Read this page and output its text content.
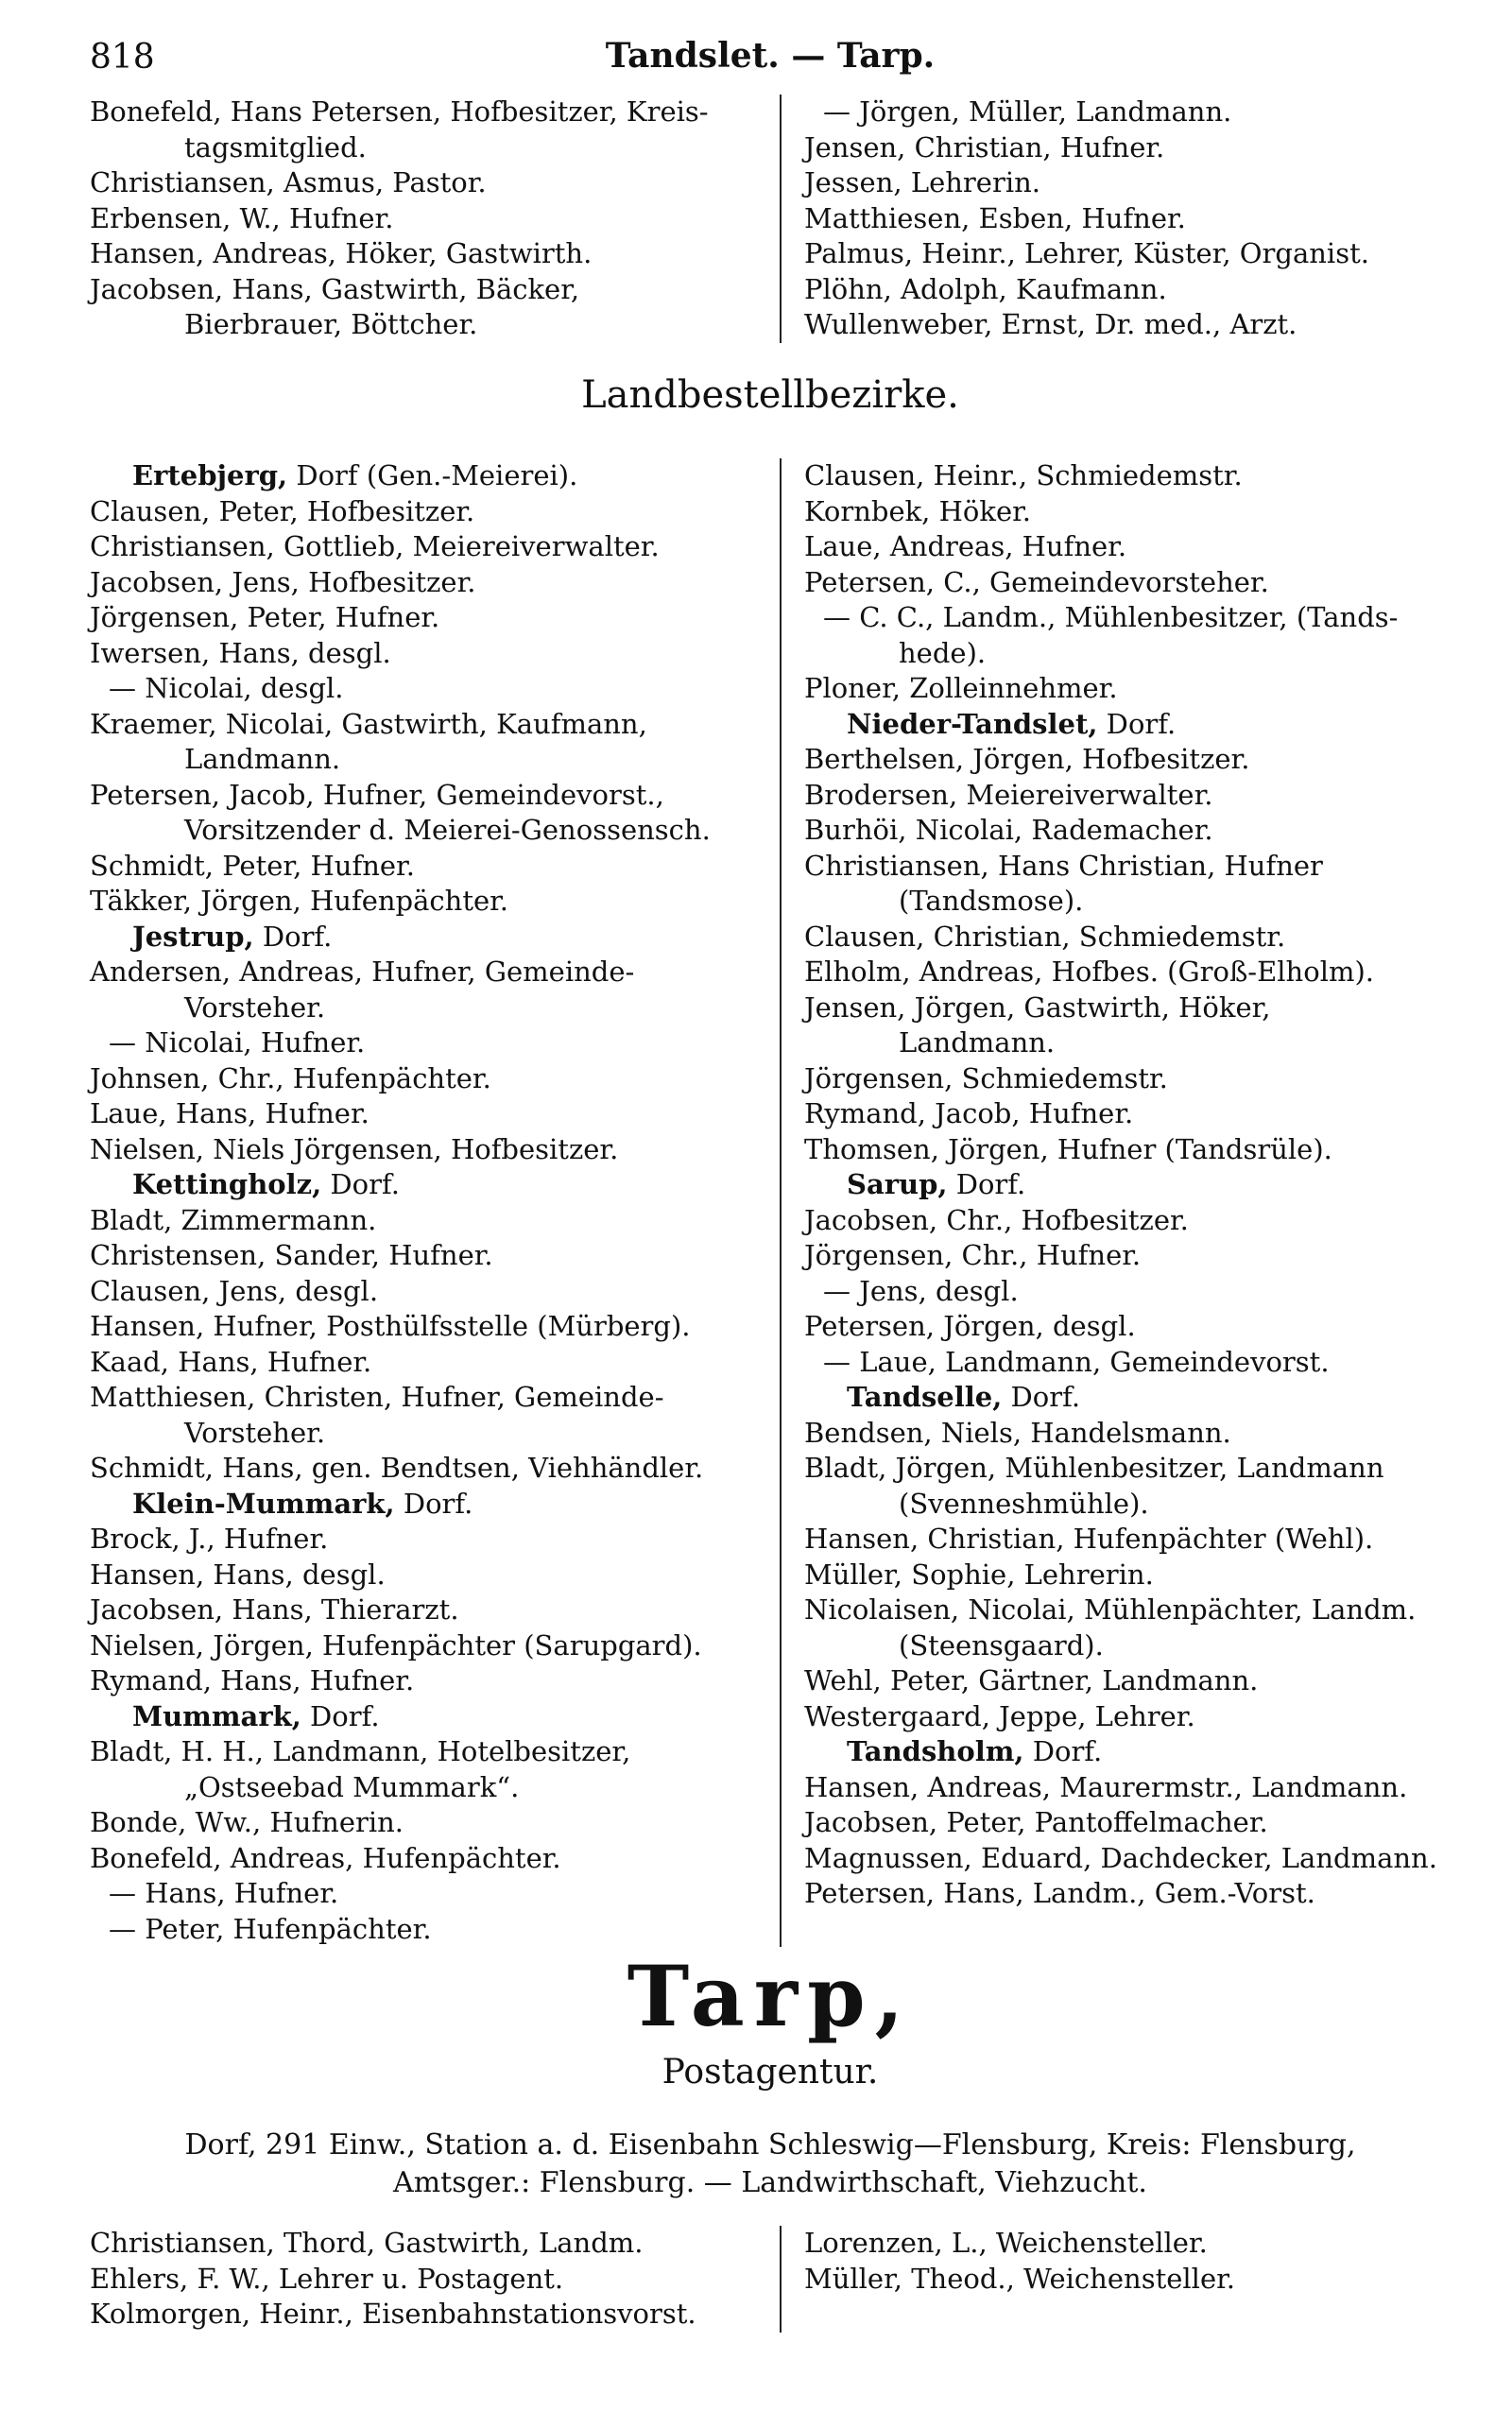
818	Tandslet. — Tarp.
Bonefeld, Hans Petersen, Hofbesitzer, Kreis-
tagsmitglied.
Christiansen, Asmus, Pastor.
Erbensen, W., Hufner.
Hansen, Andreas, Höker, Gastwirth.
Jacobsen, Hans, Gastwirth, Bäcker,
Bierbrauer, Böttcher.
— Jörgen, Müller, Landmann.
Jensen, Christian, Hufner.
Jessen, Lehrerin.
Matthiesen, Esben, Hufner.
Palmus, Heinr., Lehrer, Küster, Organist.
Plöhn, Adolph, Kaufmann.
Wullenweber, Ernst, Dr. med., Arzt.
Landbestellbezirke.
Ertebjerg, Dorf (Gen.-Meierei).
Clausen, Peter, Hofbesitzer.
Christiansen, Gottlieb, Meiereiverwalter.
Jacobsen, Jens, Hofbesitzer.
Jörgensen, Peter, Hufner.
Iwersen, Hans, desgl.
— Nicolai, desgl.
Kraemer, Nicolai, Gastwirth, Kaufmann,
Landmann.
Petersen, Jacob, Hufner, Gemeindevorst.,
Vorsitzender d. Meierei-Genossensch.
Schmidt, Peter, Hufner.
Täkker, Jörgen, Hufenpächter.
Jestrup, Dorf.
Andersen, Andreas, Hufner, Gemeinde-
Vorsteher.
— Nicolai, Hufner.
Johnsen, Chr., Hufenpächter.
Laue, Hans, Hufner.
Nielsen, Niels Jörgensen, Hofbesitzer.
Kettingholz, Dorf.
Bladt, Zimmermann.
Christensen, Sander, Hufner.
Clausen, Jens, desgl.
Hansen, Hufner, Posthülfsstelle (Mürberg).
Kaad, Hans, Hufner.
Matthiesen, Christen, Hufner, Gemeinde-
Vorsteher.
Schmidt, Hans, gen. Bendtsen, Viehhändler.
Klein-Mummark, Dorf.
Brock, J., Hufner.
Hansen, Hans, desgl.
Jacobsen, Hans, Thierarzt.
Nielsen, Jörgen, Hufenpächter (Sarupgard).
Rymand, Hans, Hufner.
Mummark, Dorf.
Bladt, H. H., Landmann, Hotelbesitzer,
„Ostseebad Mummark“.
Bonde, Ww., Hufnerin.
Bonefeld, Andreas, Hufenpächter.
— Hans, Hufner.
— Peter, Hufenpächter.
Clausen, Heinr., Schmiedemstr.
Kornbek, Höker.
Laue, Andreas, Hufner.
Petersen, C., Gemeindevorsteher.
— C. C., Landm., Mühlenbesitzer, (Tands-
hede).
Ploner, Zolleinnehmer.
Nieder-Tandslet, Dorf.
Berthelsen, Jörgen, Hofbesitzer.
Brodersen, Meiereiverwalter.
Burhöi, Nicolai, Rademacher.
Christiansen, Hans Christian, Hufner
(Tandsmose).
Clausen, Christian, Schmiedemstr.
Elholm, Andreas, Hofbes. (Groß-Elholm).
Jensen, Jörgen, Gastwirth, Höker,
Landmann.
Jörgensen, Schmiedemstr.
Rymand, Jacob, Hufner.
Thomsen, Jörgen, Hufner (Tandsrüle).
Sarup, Dorf.
Jacobsen, Chr., Hofbesitzer.
Jörgensen, Chr., Hufner.
— Jens, desgl.
Petersen, Jörgen, desgl.
— Laue, Landmann, Gemeindevorst.
Tandselle, Dorf.
Bendsen, Niels, Handelsmann.
Bladt, Jörgen, Mühlenbesitzer, Landmann
(Svenneshmühle).
Hansen, Christian, Hufenpächter (Wehl).
Müller, Sophie, Lehrerin.
Nicolaisen, Nicolai, Mühlenpächter, Landm.
(Steensgaard).
Wehl, Peter, Gärtner, Landmann.
Westergaard, Jeppe, Lehrer.
Tandsholm, Dorf.
Hansen, Andreas, Maurermstr., Landmann.
Jacobsen, Peter, Pantoffelmacher.
Magnussen, Eduard, Dachdecker, Landmann.
Petersen, Hans, Landm., Gem.-Vorst.
Tarp,
Postagentur.
Dorf, 291 Einw., Station a. d. Eisenbahn Schleswig—Flensburg, Kreis: Flensburg,
Amtsger.: Flensburg. — Landwirthschaft, Viehzucht.
Christiansen, Thord, Gastwirth, Landm.
Ehlers, F. W., Lehrer u. Postagent.
Kolmorgen, Heinr., Eisenbahnstationsvorst.
Lorenzen, L., Weichensteller.
Müller, Theod., Weichensteller.
